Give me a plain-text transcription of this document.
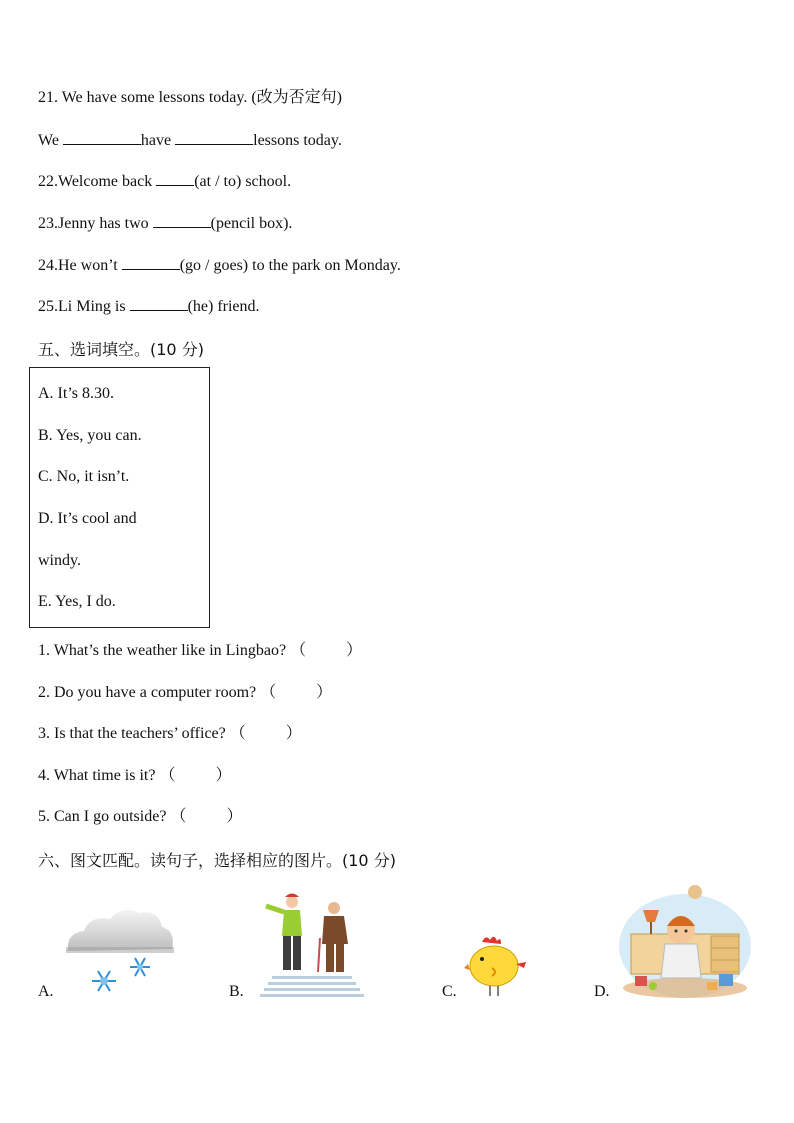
21. We have some lessons today. (改为否定句)
We	have	lessons today.
22.Welcome back	(at / to) school.
23.Jenny has two	(pencil box).
24.He won’t	(go / goes) to the park on Monday.
25.Li Ming is	(he) friend.
五、选词填空。(10 分)
A. It’s 8.30.
B. Yes, you can.
C. No, it isn’t.
D. It’s cool and
windy.
E. Yes, I do.
1. What’s the weather like in Lingbao? （	）
2. Do you have a computer room? （	）
3. Is that the teachers’ office? （	）
4. What time is it? （	）
5. Can I go outside? （	）
六、图文匹配。读句子，选择相应的图片。(10 分)
A.	B.	C.	D.
